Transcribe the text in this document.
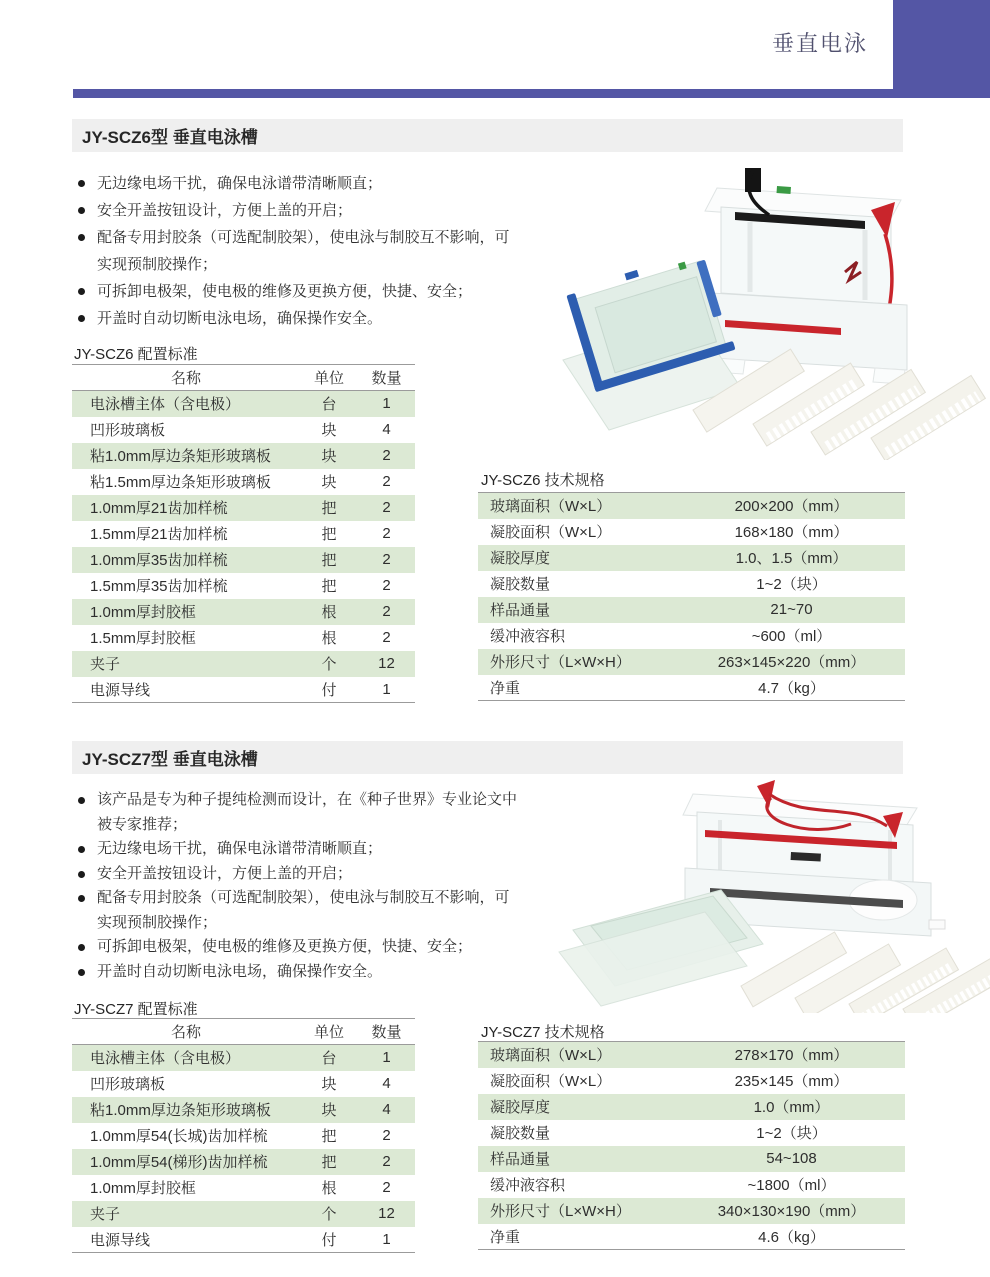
垂直电泳
JY-SCZ6型 垂直电泳槽
无边缘电场干扰，确保电泳谱带清晰顺直；
安全开盖按钮设计，方便上盖的开启；
配备专用封胶条（可选配制胶架），使电泳与制胶互不影响，可实现预制胶操作；
可拆卸电极架，使电极的维修及更换方便，快捷、安全；
开盖时自动切断电泳电场，确保操作安全。
JY-SCZ6 配置标准
名称	单位	数量
电泳槽主体（含电极）	台	1
凹形玻璃板	块	4
粘1.0mm厚边条矩形玻璃板	块	2
粘1.5mm厚边条矩形玻璃板	块	2
1.0mm厚21齿加样梳	把	2
1.5mm厚21齿加样梳	把	2
1.0mm厚35齿加样梳	把	2
1.5mm厚35齿加样梳	把	2
1.0mm厚封胶框	根	2
1.5mm厚封胶框	根	2
夹子	个	12
电源导线	付	1
JY-SCZ6 技术规格
玻璃面积（W×L）	200×200（mm）
凝胶面积（W×L）	168×180（mm）
凝胶厚度	1.0、1.5（mm）
凝胶数量	1~2（块）
样品通量	21~70
缓冲液容积	~600（ml）
外形尺寸（L×W×H）	263×145×220（mm）
净重	4.7（kg）
JY-SCZ7型 垂直电泳槽
该产品是专为种子提纯检测而设计，在《种子世界》专业论文中被专家推荐；
无边缘电场干扰，确保电泳谱带清晰顺直；
安全开盖按钮设计，方便上盖的开启；
配备专用封胶条（可选配制胶架），使电泳与制胶互不影响，可实现预制胶操作；
可拆卸电极架，使电极的维修及更换方便，快捷、安全；
开盖时自动切断电泳电场，确保操作安全。
JY-SCZ7 配置标准
名称	单位	数量
电泳槽主体（含电极）	台	1
凹形玻璃板	块	4
粘1.0mm厚边条矩形玻璃板	块	4
1.0mm厚54(长城)齿加样梳	把	2
1.0mm厚54(梯形)齿加样梳	把	2
1.0mm厚封胶框	根	2
夹子	个	12
电源导线	付	1
JY-SCZ7 技术规格
玻璃面积（W×L）	278×170（mm）
凝胶面积（W×L）	235×145（mm）
凝胶厚度	1.0（mm）
凝胶数量	1~2（块）
样品通量	54~108
缓冲液容积	~1800（ml）
外形尺寸（L×W×H）	340×130×190（mm）
净重	4.6（kg）
